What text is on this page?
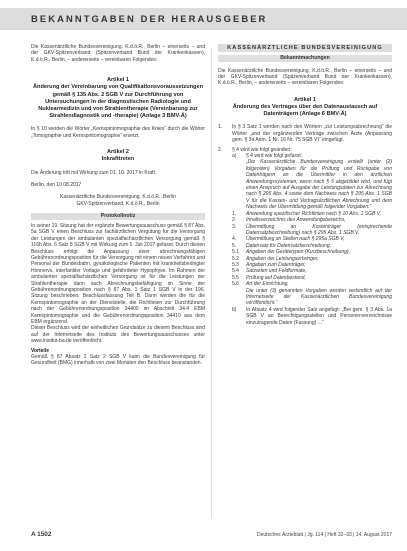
BEKANNTGABEN DER HERAUSGEBER

Die Kassenärztliche Bundesvereinigung, K.d.ö.R., Berlin – einerseits – und der GKV-Spitzenverband (Spitzenverband Bund der Krankenkassen), K.d.ö.R., Berlin, – andererseits – vereinbaren Folgendes:

Artikel 1

Änderung der Vereinbarung von Qualifikationsvoraussetzungen gemäß § 135 Abs. 2 SGB V zur Durchführung von Untersuchungen in der diagnostischen Radiologie und Nuklearmedizin und von Strahlentherapie (Vereinbarung zur Strahlendiagnostik und -therapie) (Anlage 3 BMV-Ä)

In § 10 werden die Wörter „Kernspintomographie des Knies“ durch die Wörter „Tomographie und Kernspintomographie“ ersetzt.

Artikel 2

Inkrafttreten

Die Änderung tritt mit Wirkung zum 01. 10. 2017 in Kraft.

Berlin, den 10.08.2017

Kassenärztliche Bundesvereinigung, K.d.ö.R., Berlin
GKV-Spitzenverband, K.d.ö.R., Berlin

Protokollnotiz

In seiner 19. Sitzung hat der ergänzte Bewertungsausschuss gemäß § 87 Abs. 5a SGB V einen Beschluss zur fachärztlichen Vergütung für die Versorgung der Leistungen der ambulanten spezialfachärztlichen Versorgung gemäß § 116b Abs. 6 Satz 8 SGB V mit Wirkung zum 1. Juli 2017 gefasst. Durch diesen Beschluss erfolgt die Anpassung einer abrechnungsfähigen Gebührenordnungsposition für die Versorgung mit einem neuen Verfahren und Personal der Bundesbahn, gynäkologische Patienten mit krankheitsbedingter Hirnnervs, interfantiler Vorlage und gefährdeter Hypophyse. Im Rahmen der ambulanten spezialfachärztlichen Versorgung ist für die Leistungen der Strahlentherapie dann auch Abrechnungsbefähigung im Sinne der Gebührenordnungsposition nach § 87 Abs. 1 Satz 1 SGB V in der 196. Sitzung beschrieben. Beschlussfassung Teil B. Dann werden die für die Kernspintomographie an der Dienststelle, die Richtlinien zur Durchführung nach der Gebührenordnungsposition 34400 im Abschnitt 34.4 EBM Kernspintomographie und die Gebührenordnungsposition 34410 aus dem EBM ergänzend.

Dieser Beschluss wird der einheitlichen Grundsätze zu diesem Beschluss sind auf der Internetseite des Instituts des Bewertungsausschusses unter www.institut-ba.de veröffentlicht.

Vorteile

Gemäß § 87 Absatz 2 Satz 2 SGB V kann die Bundesvereinigung für Gesundheit (BMG) innerhalb von zwei Monaten den Beschluss beanstanden.

KASSENÄRZTLICHE BUNDESVEREINIGUNG

Bekanntmachungen

Die Kassenärztliche Bundesvereinigung, K.d.ö.R., Berlin – einerseits – und der GKV-Spitzenverband (Spitzenverband Bund der Krankenkassen), K.d.ö.R., Berlin, – andererseits – vereinbaren Folgendes:

Artikel 1

Änderung des Vertrages über den Datenaustausch auf Datenträgern (Anlage 6 BMV-Ä)

1.	In § 3 Satz 1 werden nach den Wörtern „zur Leistungsabrechnung“ die Wörter „und der ergänzenden Verträge zwischen Ärzte (Anpassung gem. § 3a Anm. 1 Nr. 16 Nr. 75 SGB V)“ eingefügt.
2.	§ 4 wird wie folgt geändert:
a)	§ 4 wird wie folgt gefasst:
„Die Kassenärztliche Bundesvereinigung erstellt (unter (2) folgenden) Vorgaben für die Prüfung und Rückgabe von Datenträgern an die Übermittler in den ärztlichen Anwendungssystemen, wenn nach § 5 abgebildet wird, und fügt einen Anspruch auf Ausgabe der Leistungsdaten zur Abrechnung nach § 295 Abs. 4 sowie dem Nachweis nach § 295 Abs. 1 SGB V für die Kassen- und Vertragsärztlichen Abrechnung und dem Nachweis der Übermittlung gemäß folgender Vorgaben:“
1.	Anwendung spezifischer Richtlinien nach § 10 Abs. 1 SGB V,
2.	Inhaltsverzeichnis des Anwendungsbereichs,
3.	Übermittlung an Kostenträger (entsprechende Datensatzbeschreibung) nach § 295 Abs. 1 SGB V,
4.	Übermittlung an Stellen nach § 295a SGB V,
5.	Datensatz für Datensatzbeschreibung,
5.1	Angaben der Gerätetypen (Kurzbeschreibung),
5.2	Angaben der Leistungserbringer,
5.3	Angaben zum Datenträger,
5.4	Satzarten und Feldformate,
5.5	Prüfung auf Datenbestand,
5.6	Art der Einrichtung.
Die unter (3) genannten Vorgaben werden verbindlich auf der Internetseite der Kassenärztlichen Bundesvereinigung veröffentlicht.“
b)	In Absatz 4 wird folgender Satz angefügt: „Bei gem. § 3 Abs. 1a SGB V an Berechtigungsstellen und Personenverzeichnisse einzutragende Daten (Fassung) ...“
A 1502	Deutsches Ärzteblatt | Jg. 114 | Heft 32–33 | 14. August 2017
